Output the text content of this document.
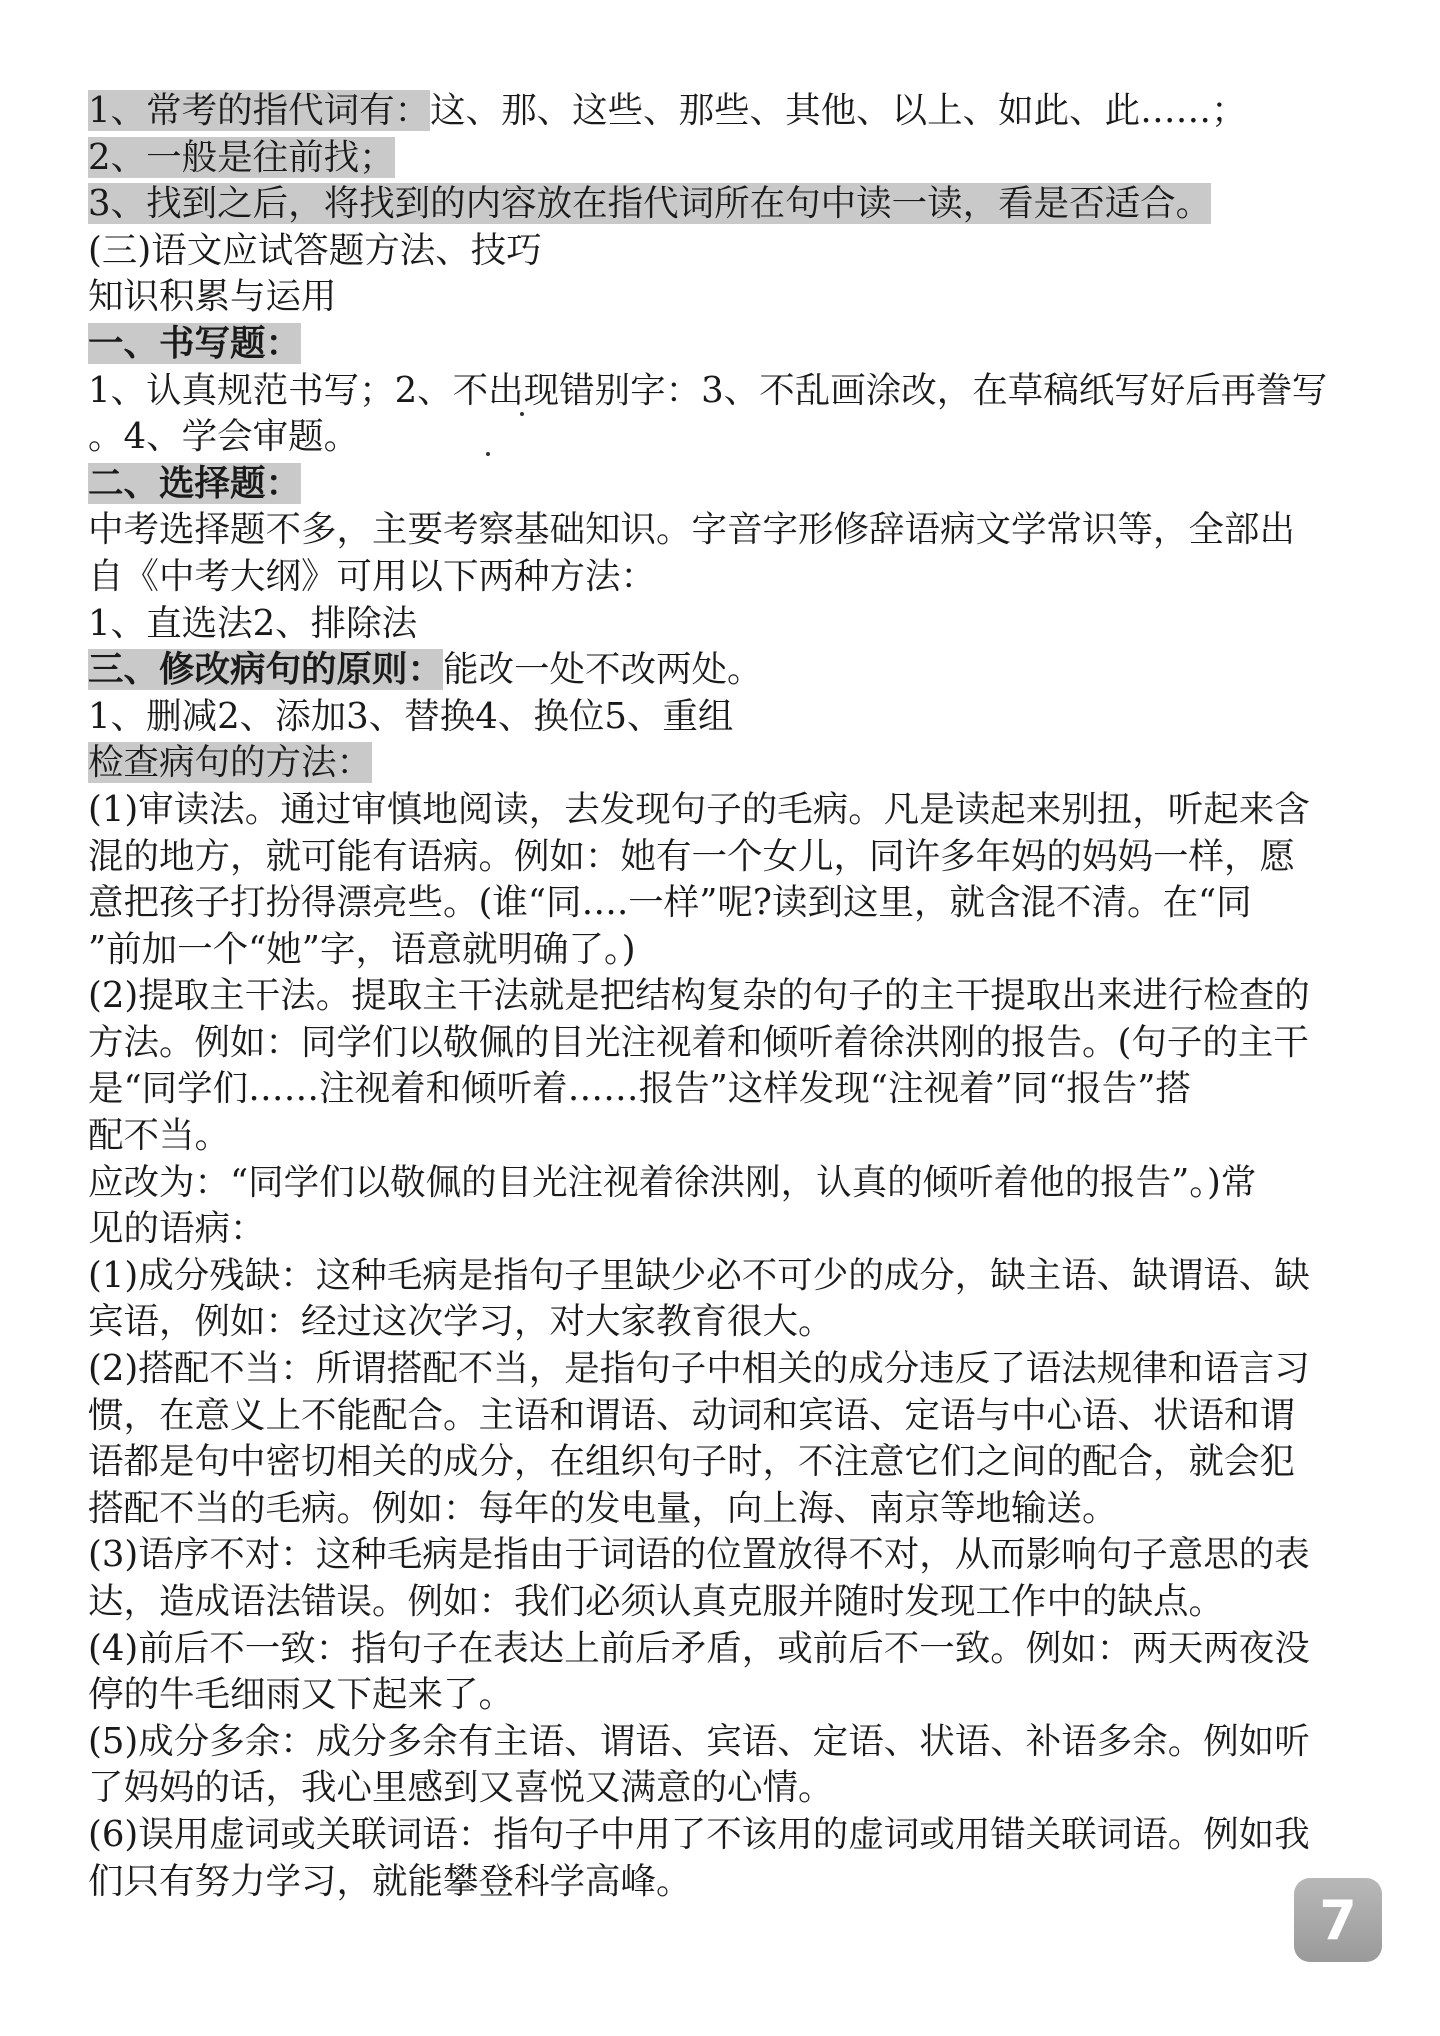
1、常考的指代词有：这、那、这些、那些、其他、以上、如此、此……；
2、一般是往前找；
3、找到之后，将找到的内容放在指代词所在句中读一读，看是否适合。
(三)语文应试答题方法、技巧
知识积累与运用
一、书写题：
1、认真规范书写；2、不出现错别字：3、不乱画涂改，在草稿纸写好后再誊写
。4、学会审题。
二、选择题：
中考选择题不多，主要考察基础知识。字音字形修辞语病文学常识等，全部出
自《中考大纲》可用以下两种方法：
1、直选法2、排除法
三、修改病句的原则：能改一处不改两处。
1、删减2、添加3、替换4、换位5、重组
检查病句的方法：
(1)审读法。通过审慎地阅读，去发现句子的毛病。凡是读起来别扭，听起来含
混的地方，就可能有语病。例如：她有一个女儿，同许多年妈的妈妈一样，愿
意把孩子打扮得漂亮些。(谁“同….一样”呢?读到这里，就含混不清。在“同
”前加一个“她”字，语意就明确了。)
(2)提取主干法。提取主干法就是把结构复杂的句子的主干提取出来进行检查的
方法。例如：同学们以敬佩的目光注视着和倾听着徐洪刚的报告。(句子的主干
是“同学们……注视着和倾听着……报告”这样发现“注视着”同“报告”搭
配不当。
应改为：“同学们以敬佩的目光注视着徐洪刚，认真的倾听着他的报告”。)常
见的语病：
(1)成分残缺：这种毛病是指句子里缺少必不可少的成分，缺主语、缺谓语、缺
宾语，例如：经过这次学习，对大家教育很大。
(2)搭配不当：所谓搭配不当，是指句子中相关的成分违反了语法规律和语言习
惯，在意义上不能配合。主语和谓语、动词和宾语、定语与中心语、状语和谓
语都是句中密切相关的成分，在组织句子时，不注意它们之间的配合，就会犯
搭配不当的毛病。例如：每年的发电量，向上海、南京等地输送。
(3)语序不对：这种毛病是指由于词语的位置放得不对，从而影响句子意思的表
达，造成语法错误。例如：我们必须认真克服并随时发现工作中的缺点。
(4)前后不一致：指句子在表达上前后矛盾，或前后不一致。例如：两天两夜没
停的牛毛细雨又下起来了。
(5)成分多余：成分多余有主语、谓语、宾语、定语、状语、补语多余。例如听
了妈妈的话，我心里感到又喜悦又满意的心情。
(6)误用虚词或关联词语：指句子中用了不该用的虚词或用错关联词语。例如我
们只有努力学习，就能攀登科学高峰。
7
